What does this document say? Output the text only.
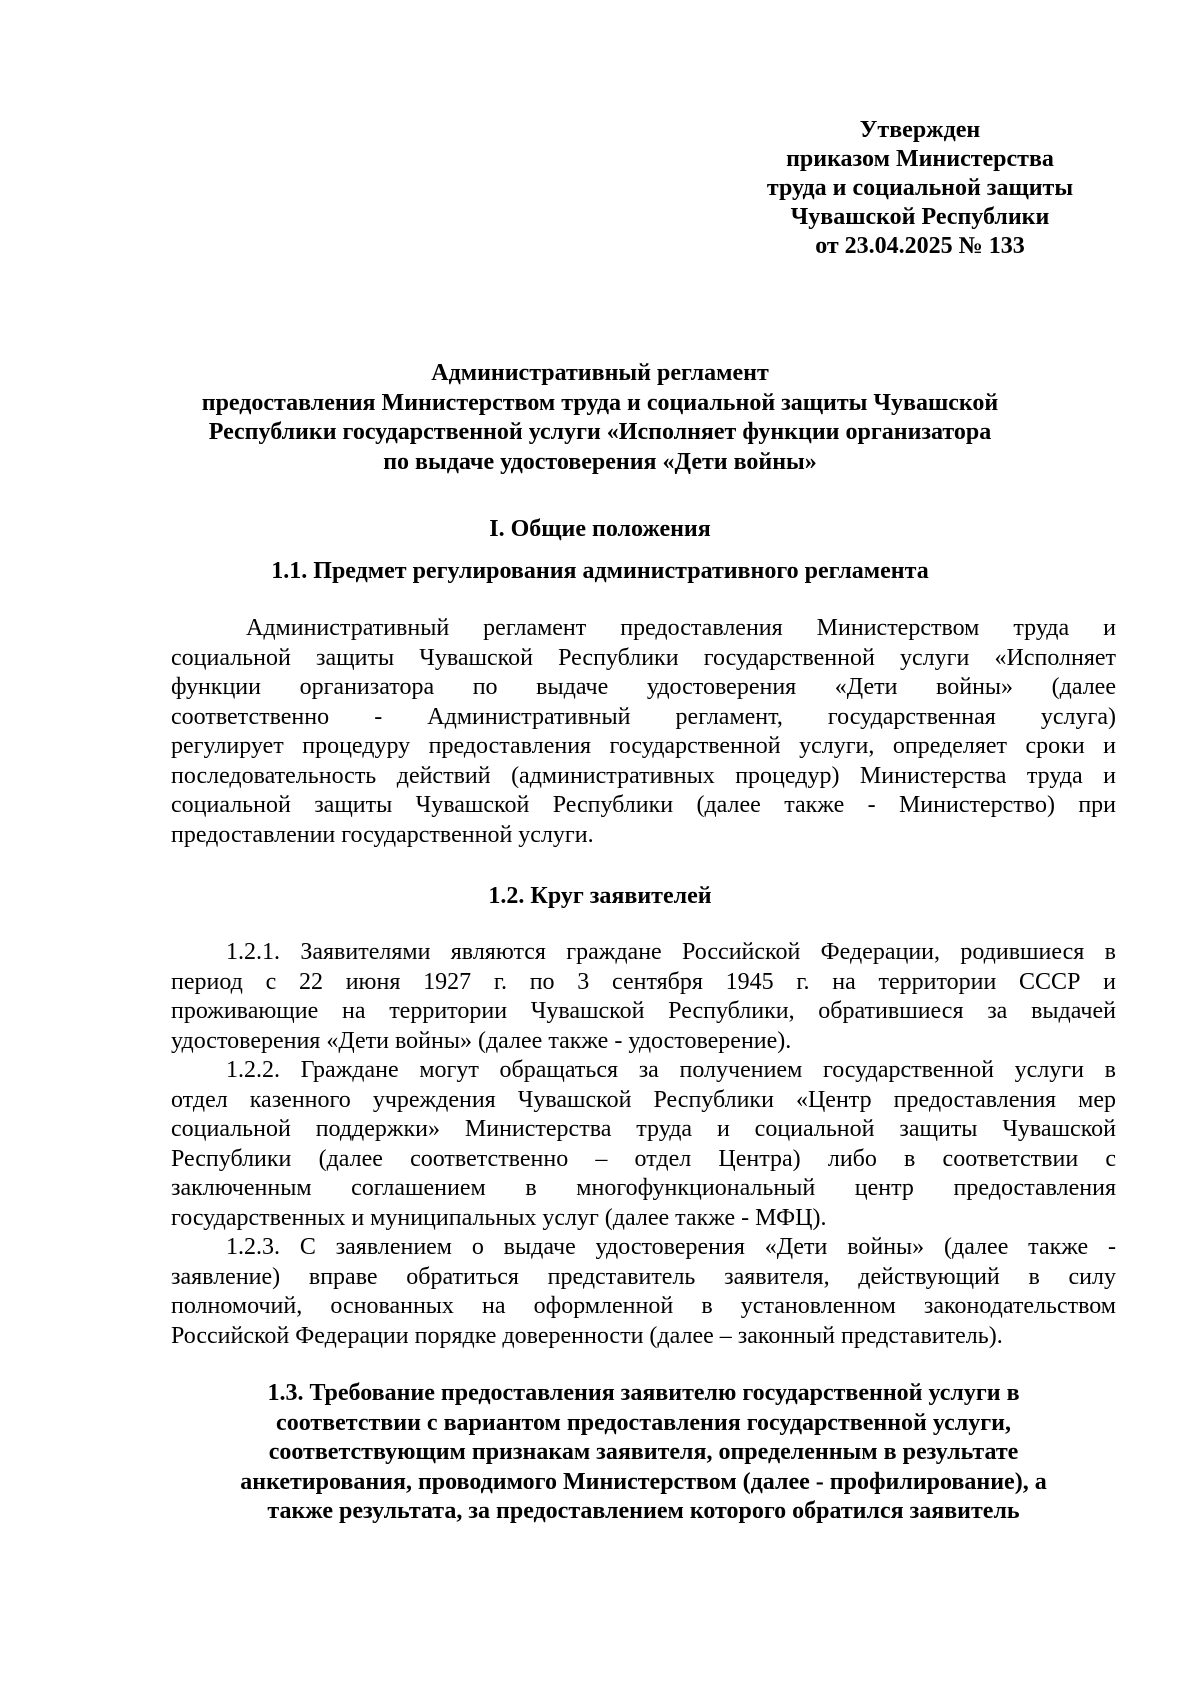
Утвержден
приказом Министерства
труда и социальной защиты
Чувашской Республики
от 23.04.2025 № 133
Административный регламент
предоставления Министерством труда и социальной защиты Чувашской
Республики государственной услуги «Исполняет функции организатора
по выдаче удостоверения «Дети войны»
I. Общие положения
1.1. Предмет регулирования административного регламента
Административный регламент предоставления Министерством труда и
социальной защиты Чувашской Республики государственной услуги «Исполняет
функции организатора по выдаче удостоверения «Дети войны» (далее
соответственно - Административный регламент, государственная услуга)
регулирует процедуру предоставления государственной услуги, определяет сроки и
последовательность действий (административных процедур) Министерства труда и
социальной защиты Чувашской Республики (далее также - Министерство) при
предоставлении государственной услуги.
1.2. Круг заявителей
1.2.1. Заявителями являются граждане Российской Федерации, родившиеся в
период с 22 июня 1927 г. по 3 сентября 1945 г. на территории СССР и
проживающие на территории Чувашской Республики, обратившиеся за выдачей
удостоверения «Дети войны» (далее также - удостоверение).
1.2.2. Граждане могут обращаться за получением государственной услуги в
отдел казенного учреждения Чувашской Республики «Центр предоставления мер
социальной поддержки» Министерства труда и социальной защиты Чувашской
Республики (далее соответственно – отдел Центра) либо в соответствии с
заключенным соглашением в многофункциональный центр предоставления
государственных и муниципальных услуг (далее также - МФЦ).
1.2.3. С заявлением о выдаче удостоверения «Дети войны» (далее также -
заявление) вправе обратиться представитель заявителя, действующий в силу
полномочий, основанных на оформленной в установленном законодательством
Российской Федерации порядке доверенности (далее – законный представитель).
1.3. Требование предоставления заявителю государственной услуги в
соответствии с вариантом предоставления государственной услуги,
соответствующим признакам заявителя, определенным в результате
анкетирования, проводимого Министерством (далее - профилирование), а
также результата, за предоставлением которого обратился заявитель
